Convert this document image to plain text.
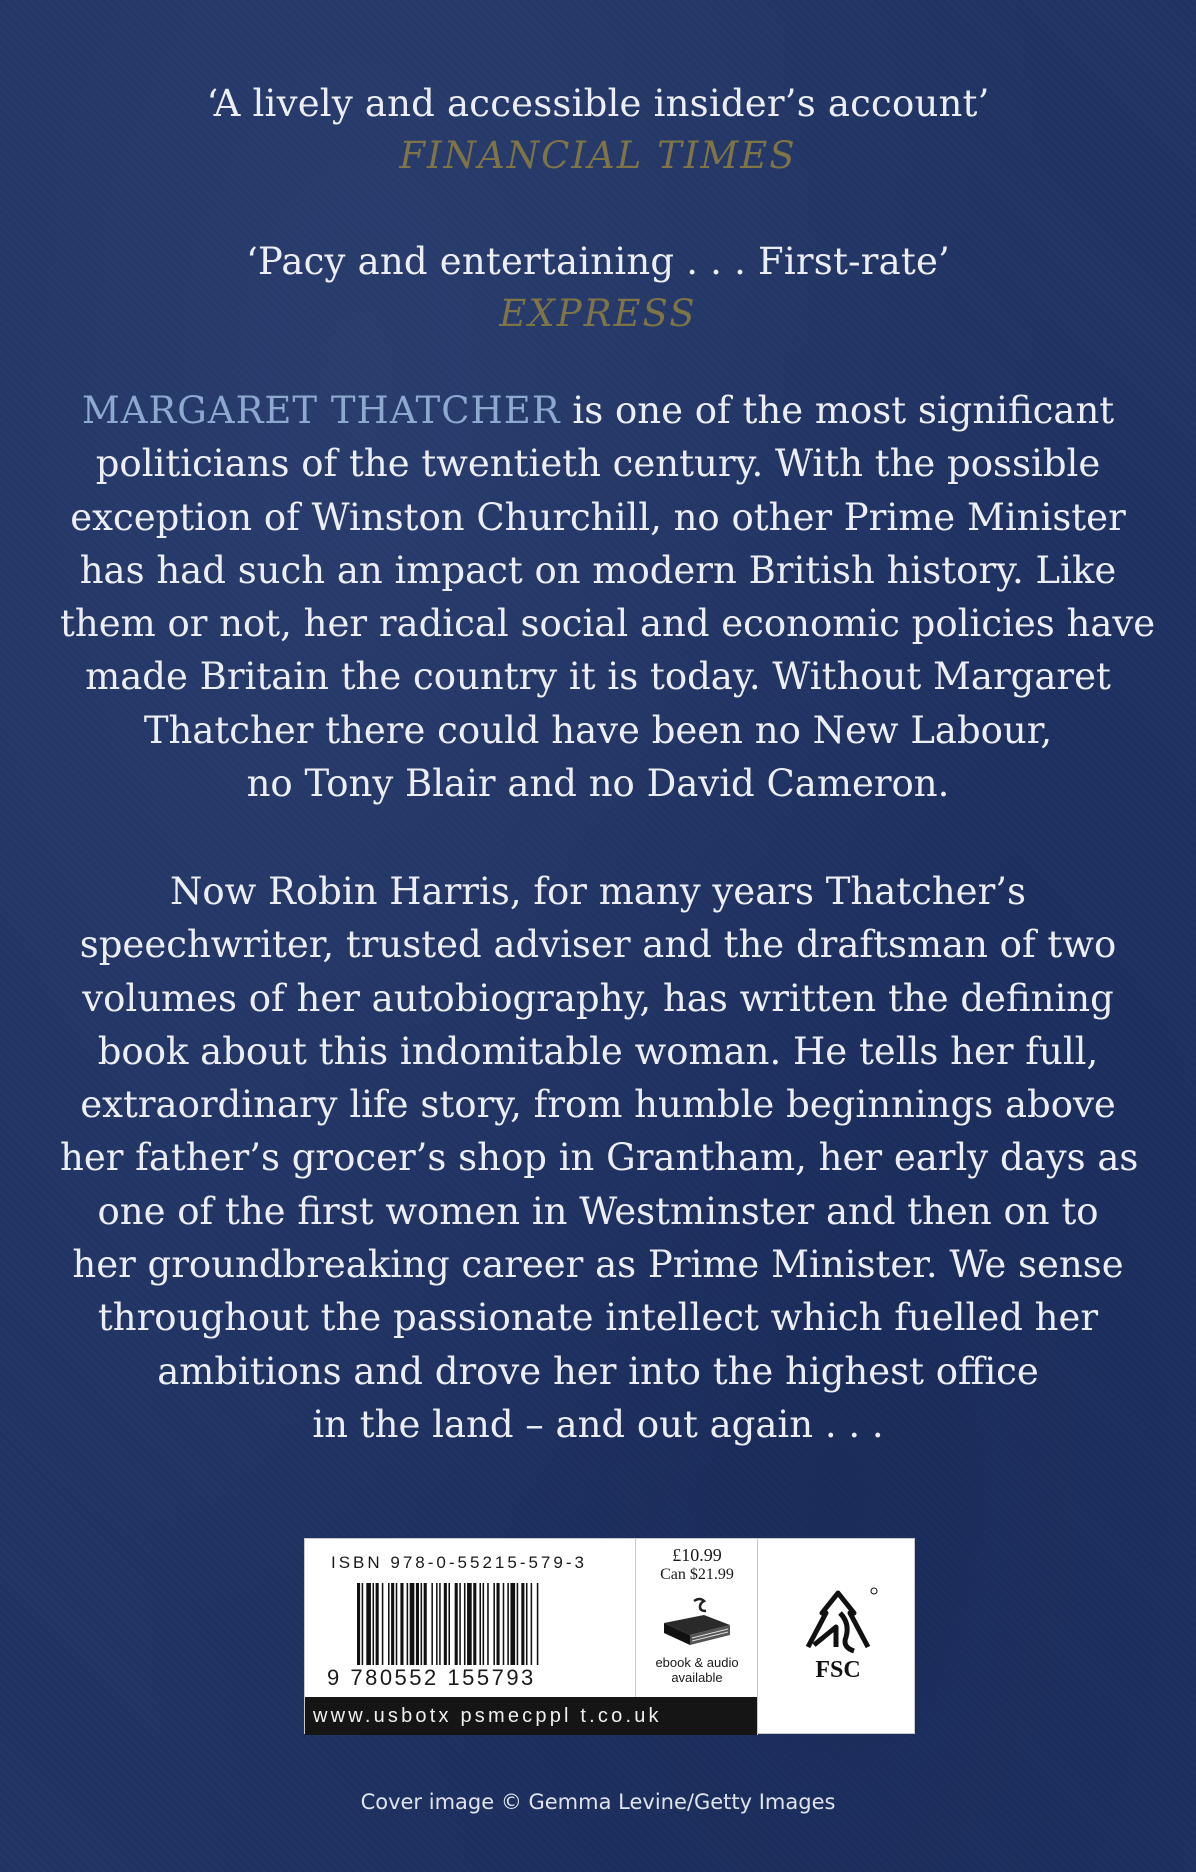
‘A lively and accessible insider’s account’
FINANCIAL TIMES
‘Pacy and entertaining . . . First-rate’
EXPRESS
MARGARET THATCHER is one of the most significant
politicians of the twentieth century. With the possible
exception of Winston Churchill, no other Prime Minister
has had such an impact on modern British history. Like
them or not, her radical social and economic policies have
made Britain the country it is today. Without Margaret
Thatcher there could have been no New Labour,
no Tony Blair and no David Cameron.
Now Robin Harris, for many years Thatcher’s
speechwriter, trusted adviser and the draftsman of two
volumes of her autobiography, has written the defining
book about this indomitable woman. He tells her full,
extraordinary life story, from humble beginnings above
her father’s grocer’s shop in Grantham, her early days as
one of the first women in Westminster and then on to
her groundbreaking career as Prime Minister. We sense
throughout the passionate intellect which fuelled her
ambitions and drove her into the highest office
in the land – and out again . . .
ISBN 978-0-55215-579-3
9 780552 155793
www.usbotx psmecppl t.co.uk
£10.99
Can $21.99
ebook & audio
available	FSC
Cover image © Gemma Levine/Getty Images
